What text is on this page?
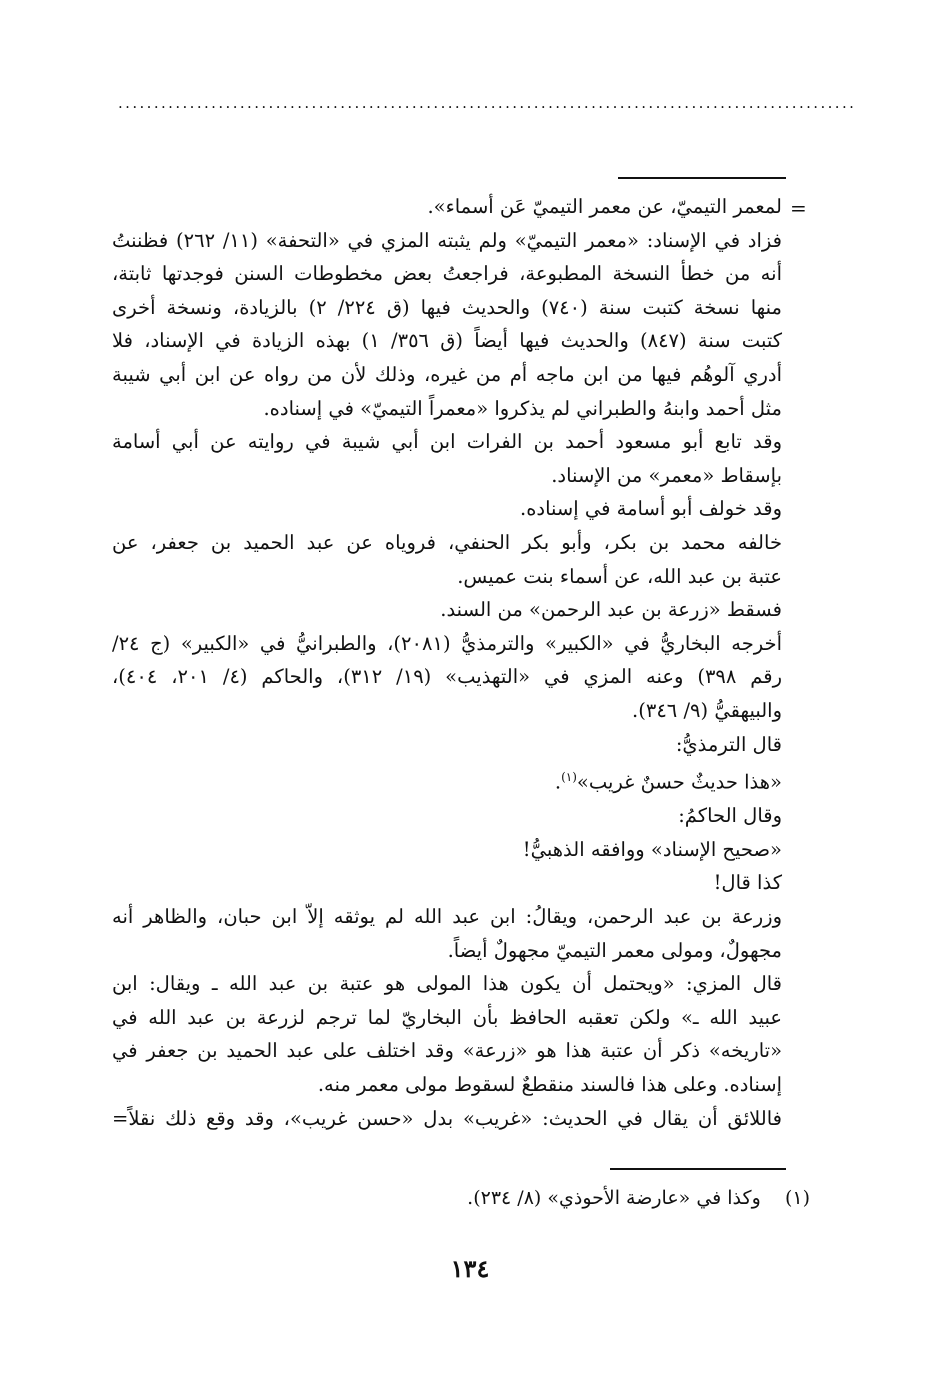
.......................................................................................................
=

لمعمر التيميّ، عن معمر التيميّ عَن أسماء».

فزاد في الإسناد: «معمر التيميّ» ولم يثبته المزي في «التحفة» (١١/ ٢٦٢) فظننتُ

أنه من خطأ النسخة المطبوعة، فراجعتُ بعض مخطوطات السنن فوجدتها ثابتة،

منها نسخة كتبت سنة (٧٤٠) والحديث فيها (ق ٢٢٤/ ٢) بالزيادة، ونسخة أخرى

كتبت سنة (٨٤٧) والحديث فيها أيضاً (ق ٣٥٦/ ١) بهذه الزيادة في الإسناد، فلا

أدري آلوهُم فيها من ابن ماجه أم من غيره، وذلك لأن من رواه عن ابن أبي شيبة

مثل أحمد وابنهُ والطبراني لم يذكروا «معمراً التيميّ» في إسناده.

وقد تابع أبو مسعود أحمد بن الفرات ابن أبي شيبة في روايته عن أبي أسامة

بإسقاط «معمر» من الإسناد.

وقد خولف أبو أسامة في إسناده.

خالفه محمد بن بكر، وأبو بكر الحنفي، فروياه عن عبد الحميد بن جعفر، عن

عتبة بن عبد الله، عن أسماء بنت عميس.

فسقط «زرعة بن عبد الرحمن» من السند.

أخرجه البخاريُّ في «الكبير» والترمذيُّ (٢٠٨١)، والطبرانيُّ في «الكبير» (ج ٢٤/

رقم ٣٩٨) وعنه المزي في «التهذيب» (١٩/ ٣١٢)، والحاكم (٤/ ٢٠١، ٤٠٤)،

والبيهقيُّ (٩/ ٣٤٦).

قال الترمذيُّ:

«هذا حديثٌ حسنٌ غريب»$^{(١)}$.

وقال الحاكمُ:

«صحيح الإسناد» ووافقه الذهبيُّ!

كذا قال!

وزرعة بن عبد الرحمن، ويقالُ: ابن عبد الله لم يوثقه إلاّ ابن حبان، والظاهر أنه

مجهولٌ، ومولى معمر التيميّ مجهولٌ أيضاً.

قال المزي: «ويحتمل أن يكون هذا المولى هو عتبة بن عبد الله ـ ويقال: ابن

عبيد الله ـ» ولكن تعقبه الحافظ بأن البخاريّ لما ترجم لزرعة بن عبد الله في

«تاريخه» ذكر أن عتبة هذا هو «زرعة» وقد اختلف على عبد الحميد بن جعفر في

إسناده. وعلى هذا فالسند منقطعٌ لسقوط مولى معمر منه.

فاللائق أن يقال في الحديث: «غريب» بدل «حسن غريب»، وقد وقع ذلك نقلاً=

(١)    وكذا في «عارضة الأحوذي» (٨/ ٢٣٤).
١٣٤
